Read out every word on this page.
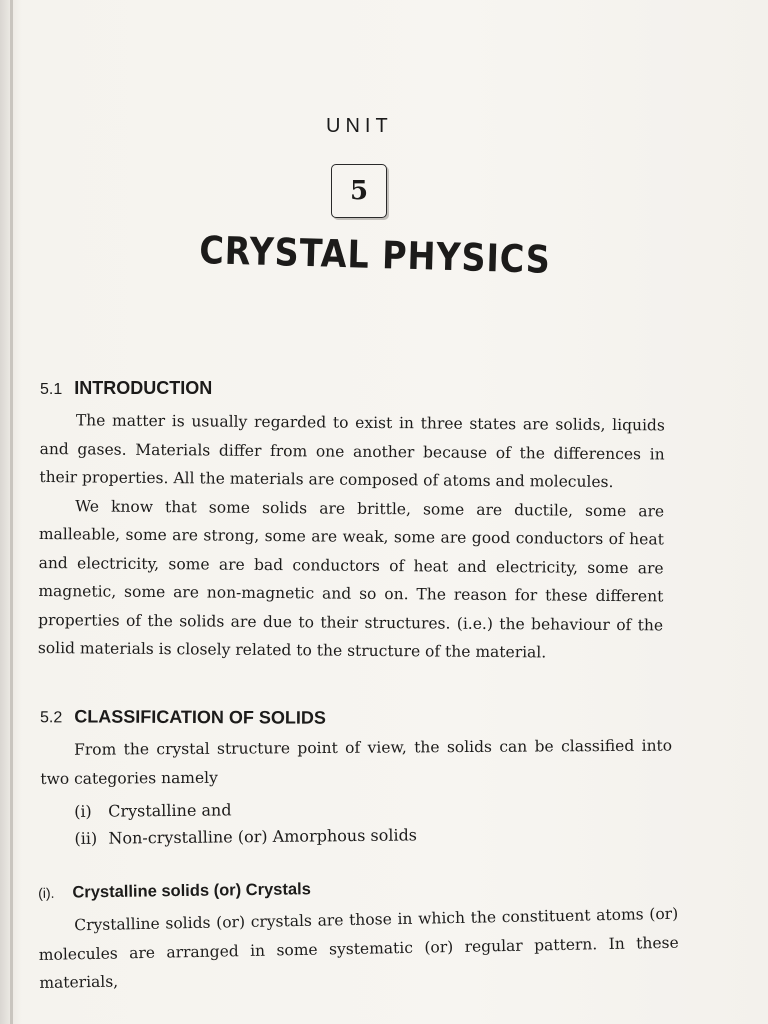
UNIT
5
CRYSTAL PHYSICS
5.1 INTRODUCTION

The matter is usually regarded to exist in three states are solids, liquids and gases. Materials differ from one another because of the differences in their properties. All the materials are composed of atoms and molecules.

We know that some solids are brittle, some are ductile, some are malleable, some are strong, some are weak, some are good conductors of heat and electricity, some are bad conductors of heat and electricity, some are magnetic, some are non-magnetic and so on. The reason for these different properties of the solids are due to their structures. (i.e.) the behaviour of the solid materials is closely related to the structure of the material.

5.2 CLASSIFICATION OF SOLIDS

From the crystal structure point of view, the solids can be classified into two categories namely

(i) Crystalline and
(ii) Non-crystalline (or) Amorphous solids
(i). Crystalline solids (or) Crystals

Crystalline solids (or) crystals are those in which the constituent atoms (or) molecules are arranged in some systematic (or) regular pattern. In these materials,
